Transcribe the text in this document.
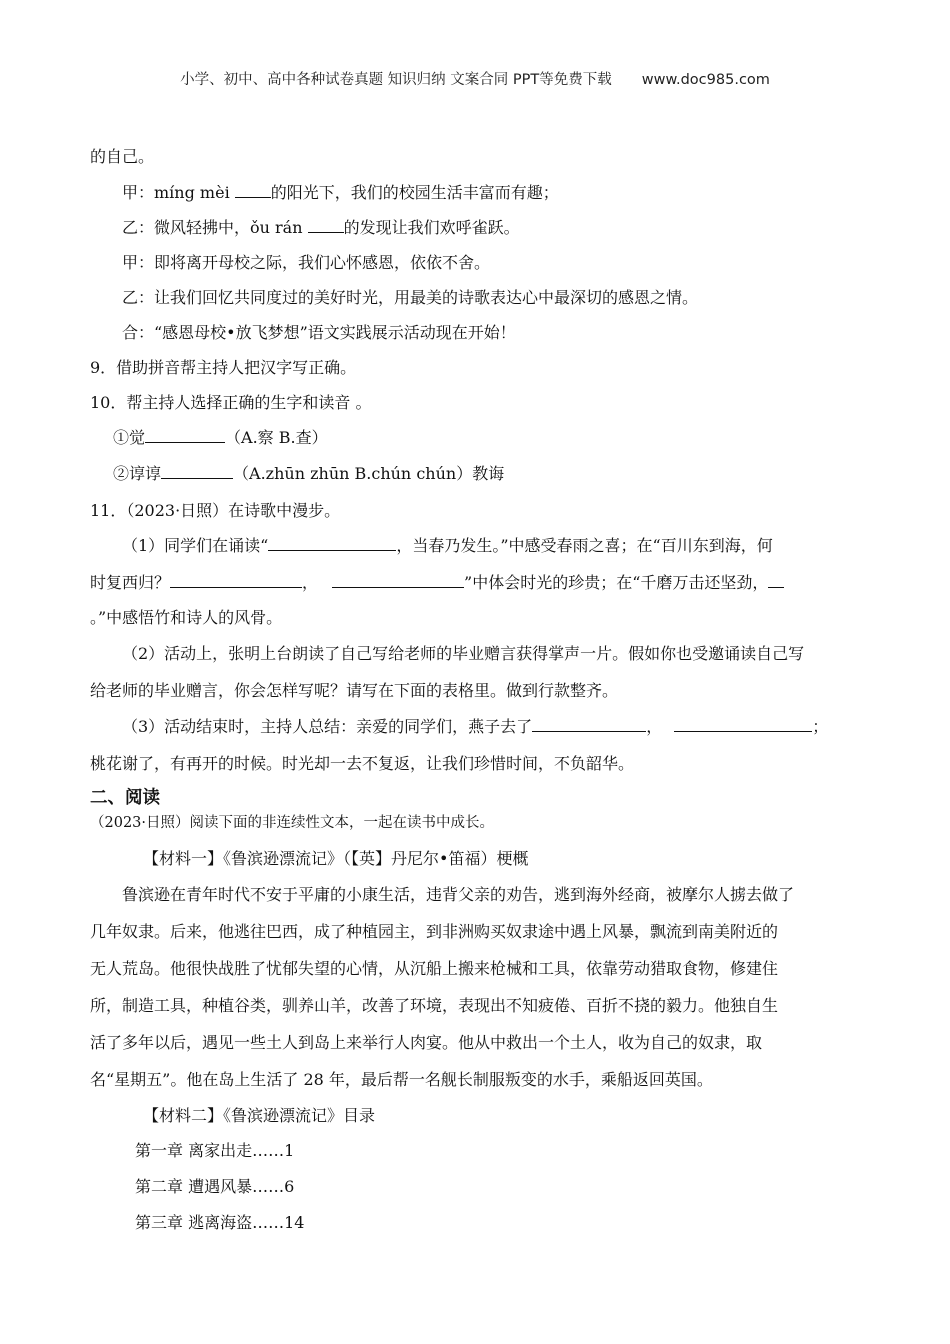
小学、初中、高中各种试卷真题 知识归纳 文案合同 PPT等免费下载 www.doc985.com
的自己。
甲：míng mèi 的阳光下，我们的校园生活丰富而有趣；
乙：微风轻拂中，ǒu rán 的发现让我们欢呼雀跃。
甲：即将离开母校之际，我们心怀感恩，依依不舍。
乙：让我们回忆共同度过的美好时光，用最美的诗歌表达心中最深切的感恩之情。
合：“感恩母校•放飞梦想”语文实践展示活动现在开始！
9．借助拼音帮主持人把汉字写正确。
10．帮主持人选择正确的生字和读音 。
①觉	（A.察 B.查）
②谆谆	（A.zhūn zhūn B.chún chún）教诲
11．（2023·日照）在诗歌中漫步。
（1）同学们在诵读“	，当春乃发生。”中感受春雨之喜；在“百川东到海，何
时复西归？	，	”中体会时光的珍贵；在“千磨万击还坚劲，
。”中感悟竹和诗人的风骨。
（2）活动上，张明上台朗读了自己写给老师的毕业赠言获得掌声一片。假如你也受邀诵读自己写
给老师的毕业赠言，你会怎样写呢？请写在下面的表格里。做到行款整齐。
（3）活动结束时，主持人总结：亲爱的同学们，燕子去了	，	；
桃花谢了，有再开的时候。时光却一去不复返，让我们珍惜时间，不负韶华。
二、阅读
（2023·日照）阅读下面的非连续性文本，一起在读书中成长。
【材料一】《鲁滨逊漂流记》（【英】丹尼尔•笛福）梗概
鲁滨逊在青年时代不安于平庸的小康生活，违背父亲的劝告，逃到海外经商，被摩尔人掳去做了
几年奴隶。后来，他逃往巴西，成了种植园主，到非洲购买奴隶途中遇上风暴，飘流到南美附近的
无人荒岛。他很快战胜了忧郁失望的心情，从沉船上搬来枪械和工具，依靠劳动猎取食物，修建住
所，制造工具，种植谷类，驯养山羊，改善了环境，表现出不知疲倦、百折不挠的毅力。他独自生
活了多年以后，遇见一些土人到岛上来举行人肉宴。他从中救出一个土人，收为自己的奴隶，取
名“星期五”。他在岛上生活了 28 年，最后帮一名舰长制服叛变的水手，乘船返回英国。
【材料二】《鲁滨逊漂流记》目录
第一章 离家出走……1
第二章 遭遇风暴……6
第三章 逃离海盗……14
